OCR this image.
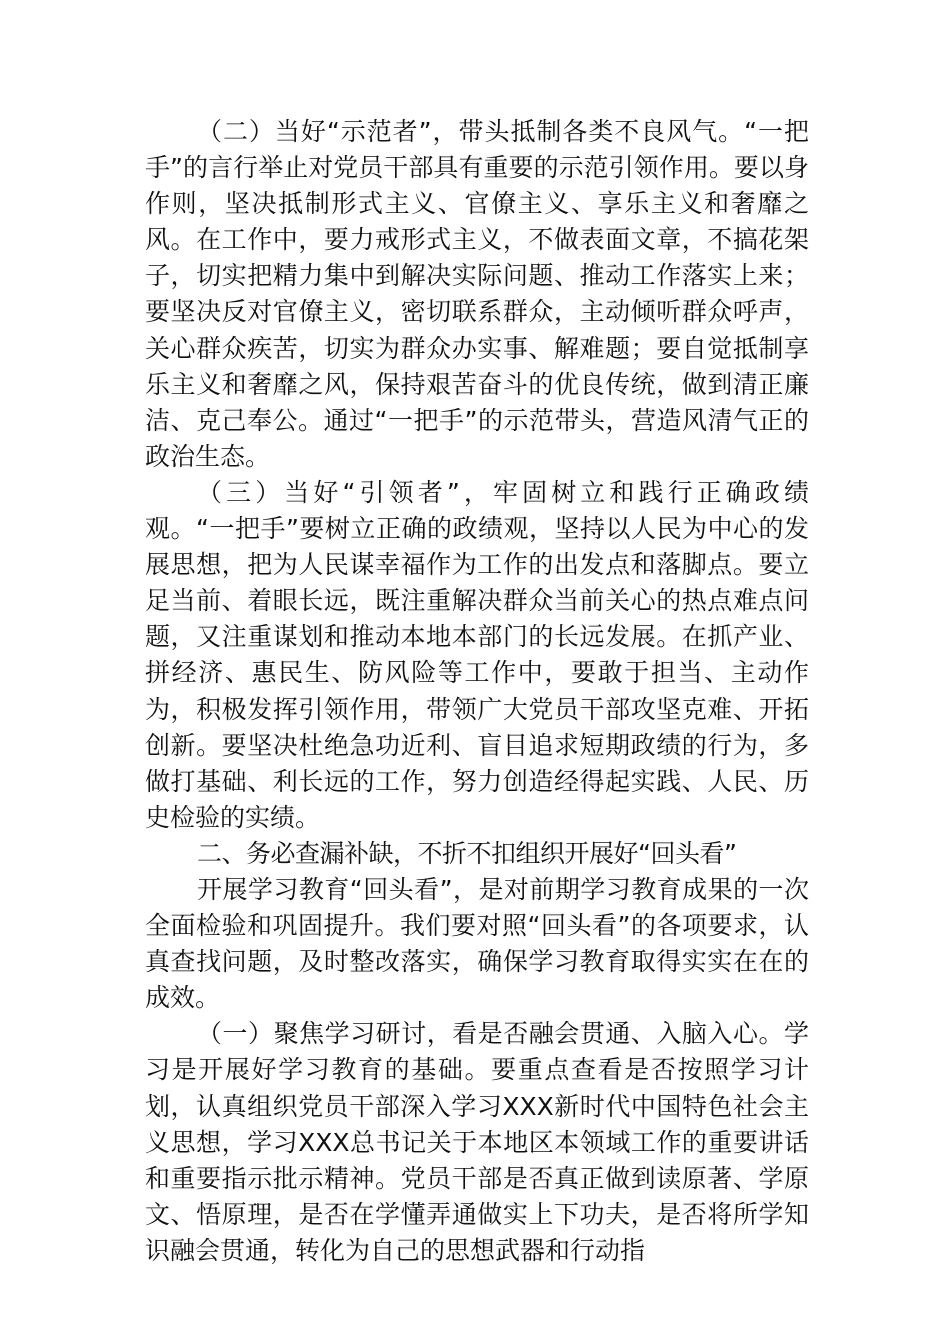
（二）当好“示范者”，带头抵制各类不良风气。“一把手”的言行举止对党员干部具有重要的示范引领作用。要以身作则，坚决抵制形式主义、官僚主义、享乐主义和奢靡之风。在工作中，要力戒形式主义，不做表面文章，不搞花架子，切实把精力集中到解决实际问题、推动工作落实上来；要坚决反对官僚主义，密切联系群众，主动倾听群众呼声，关心群众疾苦，切实为群众办实事、解难题；要自觉抵制享乐主义和奢靡之风，保持艰苦奋斗的优良传统，做到清正廉洁、克己奉公。通过“一把手”的示范带头，营造风清气正的政治生态。

（三）当好“引领者”，牢固树立和践行正确政绩观。“一把手”要树立正确的政绩观，坚持以人民为中心的发展思想，把为人民谋幸福作为工作的出发点和落脚点。要立足当前、着眼长远，既注重解决群众当前关心的热点难点问题，又注重谋划和推动本地本部门的长远发展。在抓产业、拼经济、惠民生、防风险等工作中，要敢于担当、主动作为，积极发挥引领作用，带领广大党员干部攻坚克难、开拓创新。要坚决杜绝急功近利、盲目追求短期政绩的行为，多做打基础、利长远的工作，努力创造经得起实践、人民、历史检验的实绩。

二、务必查漏补缺，不折不扣组织开展好“回头看”

开展学习教育“回头看”，是对前期学习教育成果的一次全面检验和巩固提升。我们要对照“回头看”的各项要求，认真查找问题，及时整改落实，确保学习教育取得实实在在的成效。

（一）聚焦学习研讨，看是否融会贯通、入脑入心。学习是开展好学习教育的基础。要重点查看是否按照学习计划，认真组织党员干部深入学习XXX新时代中国特色社会主义思想，学习XXX总书记关于本地区本领域工作的重要讲话和重要指示批示精神。党员干部是否真正做到读原著、学原文、悟原理，是否在学懂弄通做实上下功夫，是否将所学知识融会贯通，转化为自己的思想武器和行动指
